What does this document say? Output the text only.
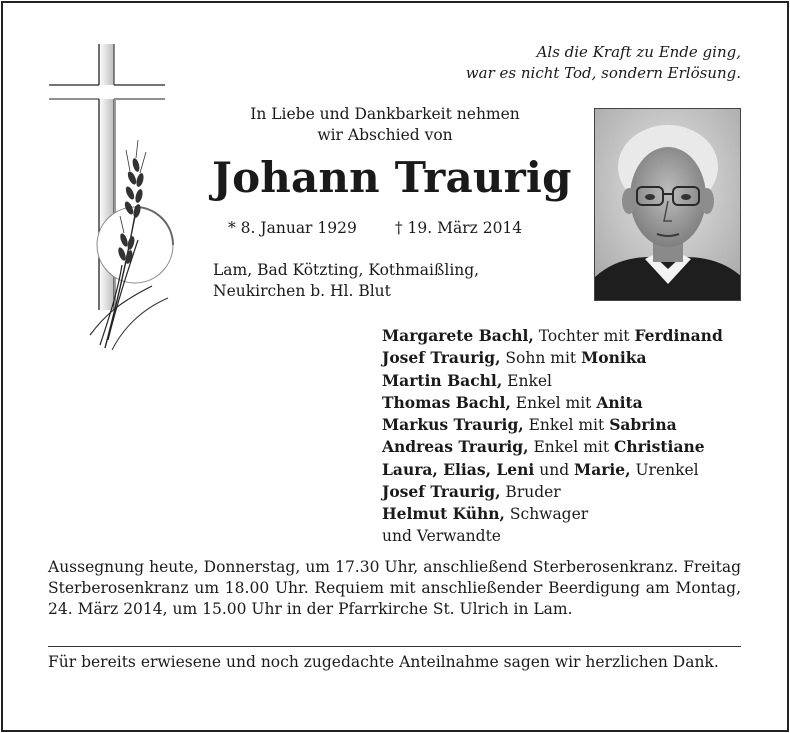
Als die Kraft zu Ende ging,
war es nicht Tod, sondern Erlösung.
In Liebe und Dankbarkeit nehmen
wir Abschied von
Johann Traurig
* 8. Januar 1929 † 19. März 2014
Lam, Bad Kötzting, Kothmaißling,
Neukirchen b. Hl. Blut
Margarete Bachl, Tochter mit Ferdinand
Josef Traurig, Sohn mit Monika
Martin Bachl, Enkel
Thomas Bachl, Enkel mit Anita
Markus Traurig, Enkel mit Sabrina
Andreas Traurig, Enkel mit Christiane
Laura, Elias, Leni und Marie, Urenkel
Josef Traurig, Bruder
Helmut Kühn, Schwager
und Verwandte
Aussegnung heute, Donnerstag, um 17.30 Uhr, anschließend Sterberosenkranz. Freitag Sterberosenkranz um 18.00 Uhr. Requiem mit anschließender Beerdigung am Montag, 24. März 2014, um 15.00 Uhr in der Pfarrkirche St. Ulrich in Lam.
Für bereits erwiesene und noch zugedachte Anteilnahme sagen wir herzlichen Dank.
